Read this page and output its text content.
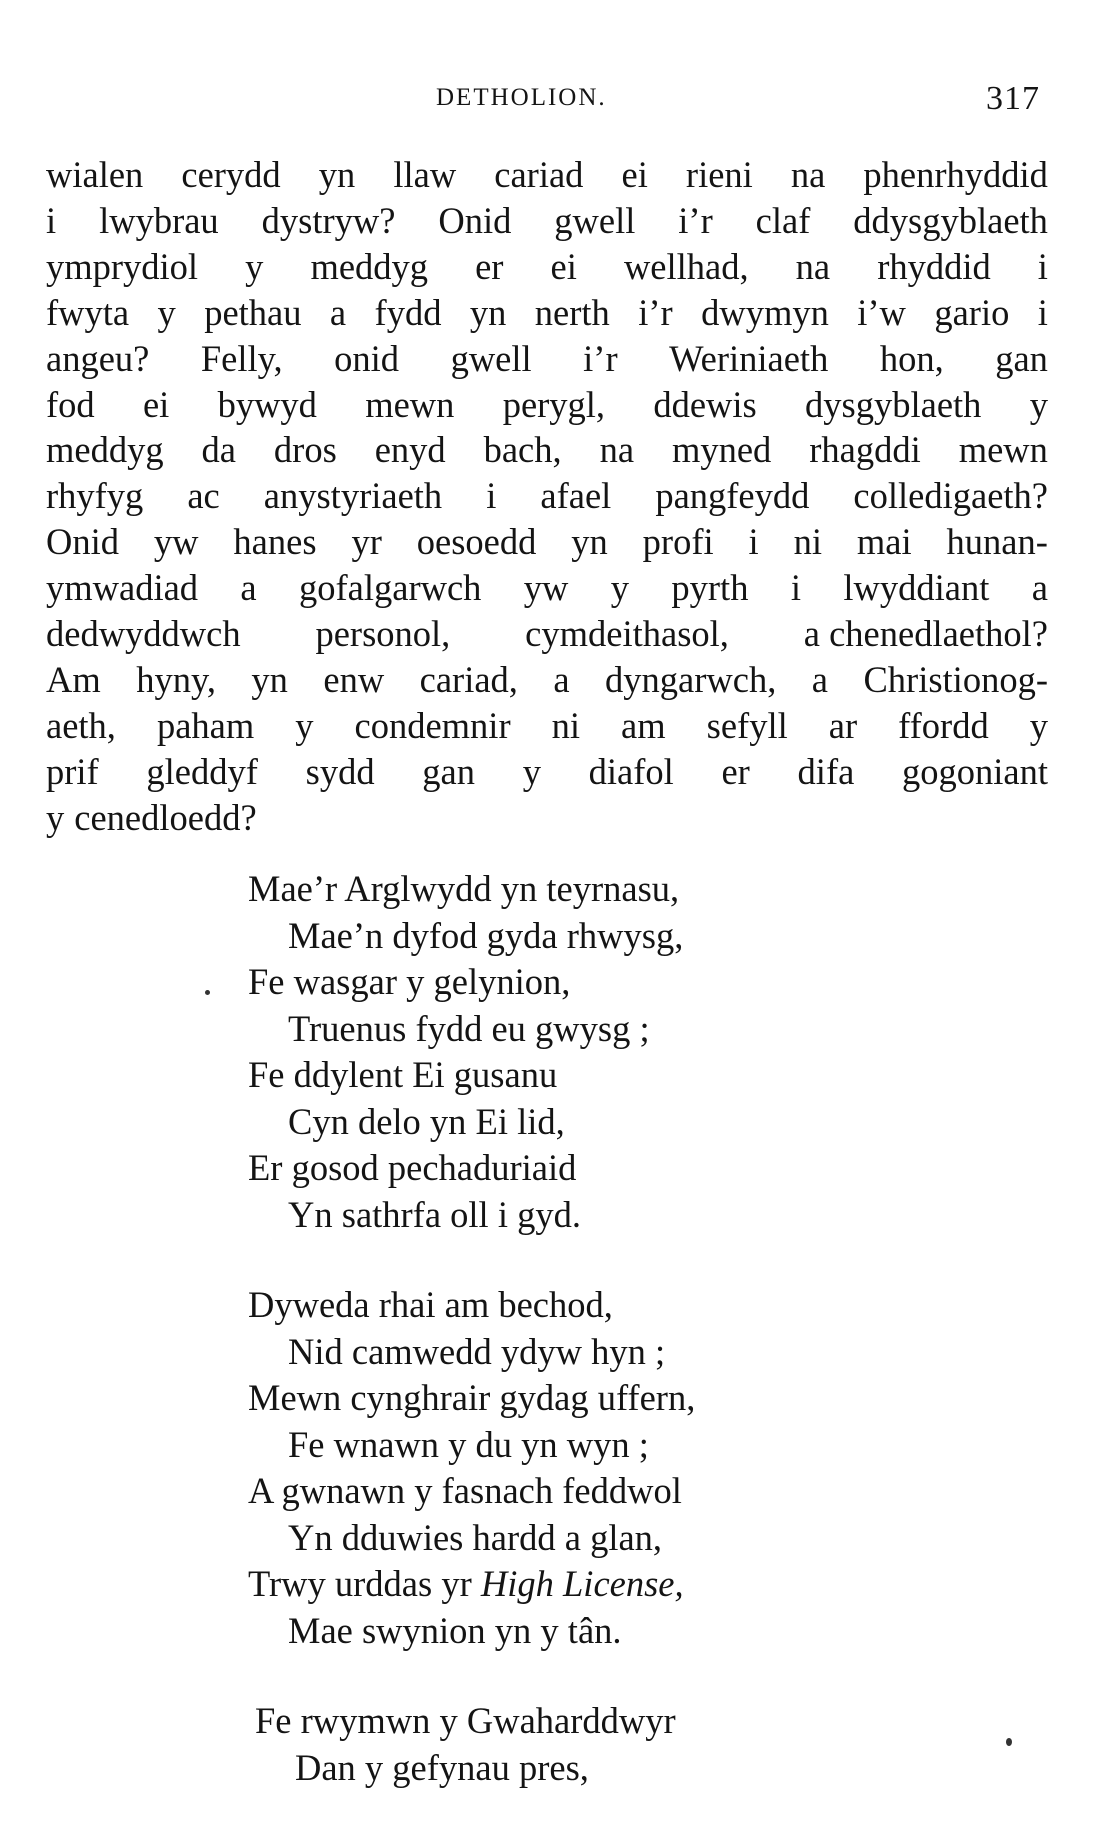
DETHOLION.	317
wialen cerydd yn llaw cariad ei rieni na phenrhyddid
i lwybrau dystryw? Onid gwell i’r claf ddysgyblaeth
ymprydiol y meddyg er ei wellhad, na rhyddid i
fwyta y pethau a fydd yn nerth i’r dwymyn i’w gario i
angeu? Felly, onid gwell i’r Weriniaeth hon, gan
fod ei bywyd mewn perygl, ddewis dysgyblaeth y
meddyg da dros enyd bach, na myned rhagddi mewn
rhyfyg ac anystyriaeth i afael pangfeydd colledigaeth?
Onid yw hanes yr oesoedd yn profi i ni mai hunan-
ymwadiad a gofalgarwch yw y pyrth i lwyddiant a
dedwyddwch personol, cymdeithasol, a chenedlaethol?
Am hyny, yn enw cariad, a dyngarwch, a Christionog-
aeth, paham y condemnir ni am sefyll ar ffordd y
prif gleddyf sydd gan y diafol er difa gogoniant
y cenedloedd?
Mae’r Arglwydd yn teyrnasu,
Mae’n dyfod gyda rhwysg,
Fe wasgar y gelynion,
Truenus fydd eu gwysg ;
Fe ddylent Ei gusanu
Cyn delo yn Ei lid,
Er gosod pechaduriaid
Yn sathrfa oll i gyd.
Dyweda rhai am bechod,
Nid camwedd ydyw hyn ;
Mewn cynghrair gydag uffern,
Fe wnawn y du yn wyn ;
A gwnawn y fasnach feddwol
Yn dduwies hardd a glan,
Trwy urddas yr High License,
Mae swynion yn y tân.
Fe rwymwn y Gwaharddwyr
Dan y gefynau pres,
